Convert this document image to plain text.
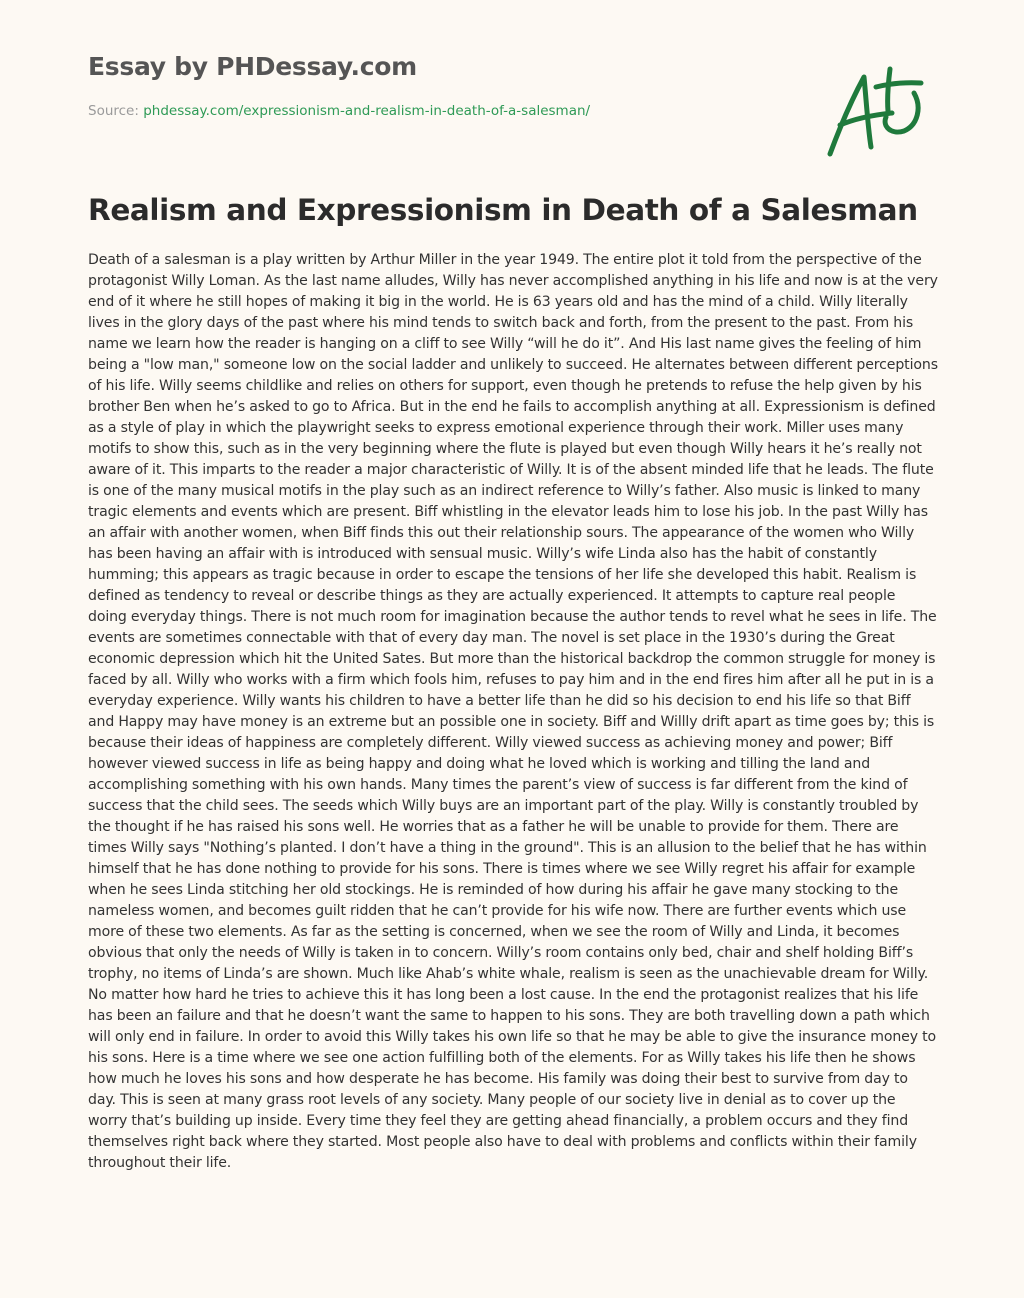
Essay by PHDessay.com
Source: phdessay.com/expressionism-and-realism-in-death-of-a-salesman/
Realism and Expressionism in Death of a Salesman

Death of a salesman is a play written by Arthur Miller in the year 1949. The entire plot it told from the perspective of the protagonist Willy Loman. As the last name alludes, Willy has never accomplished anything in his life and now is at the very end of it where he still hopes of making it big in the world. He is 63 years old and has the mind of a child. Willy literally lives in the glory days of the past where his mind tends to switch back and forth, from the present to the past. From his name we learn how the reader is hanging on a cliff to see Willy “will he do it”. And His last name gives the feeling of him being a "low man," someone low on the social ladder and unlikely to succeed. He alternates between different perceptions of his life. Willy seems childlike and relies on others for support, even though he pretends to refuse the help given by his brother Ben when he’s asked to go to Africa. But in the end he fails to accomplish anything at all. Expressionism is defined as a style of play in which the playwright seeks to express emotional experience through their work. Miller uses many motifs to show this, such as in the very beginning where the flute is played but even though Willy hears it he’s really not aware of it. This imparts to the reader a major characteristic of Willy. It is of the absent minded life that he leads. The flute is one of the many musical motifs in the play such as an indirect reference to Willy’s father. Also music is linked to many tragic elements and events which are present. Biff whistling in the elevator leads him to lose his job. In the past Willy has an affair with another women, when Biff finds this out their relationship sours. The appearance of the women who Willy has been having an affair with is introduced with sensual music. Willy’s wife Linda also has the habit of constantly humming; this appears as tragic because in order to escape the tensions of her life she developed this habit. Realism is defined as tendency to reveal or describe things as they are actually experienced. It attempts to capture real people doing everyday things. There is not much room for imagination because the author tends to revel what he sees in life. The events are sometimes connectable with that of every day man. The novel is set place in the 1930’s during the Great economic depression which hit the United Sates. But more than the historical backdrop the common struggle for money is faced by all. Willy who works with a firm which fools him, refuses to pay him and in the end fires him after all he put in is a everyday experience. Willy wants his children to have a better life than he did so his decision to end his life so that Biff and Happy may have money is an extreme but an possible one in society. Biff and Willly drift apart as time goes by; this is because their ideas of happiness are completely different. Willy viewed success as achieving money and power; Biff however viewed success in life as being happy and doing what he loved which is working and tilling the land and accomplishing something with his own hands. Many times the parent’s view of success is far different from the kind of success that the child sees. The seeds which Willy buys are an important part of the play. Willy is constantly troubled by the thought if he has raised his sons well. He worries that as a father he will be unable to provide for them. There are times Willy says "Nothing’s planted. I don’t have a thing in the ground". This is an allusion to the belief that he has within himself that he has done nothing to provide for his sons. There is times where we see Willy regret his affair for example when he sees Linda stitching her old stockings. He is reminded of how during his affair he gave many stocking to the nameless women, and becomes guilt ridden that he can’t provide for his wife now. There are further events which use more of these two elements. As far as the setting is concerned, when we see the room of Willy and Linda, it becomes obvious that only the needs of Willy is taken in to concern. Willy’s room contains only bed, chair and shelf holding Biff’s trophy, no items of Linda’s are shown. Much like Ahab’s white whale, realism is seen as the unachievable dream for Willy. No matter how hard he tries to achieve this it has long been a lost cause. In the end the protagonist realizes that his life has been an failure and that he doesn’t want the same to happen to his sons. They are both travelling down a path which will only end in failure. In order to avoid this Willy takes his own life so that he may be able to give the insurance money to his sons. Here is a time where we see one action fulfilling both of the elements. For as Willy takes his life then he shows how much he loves his sons and how desperate he has become. His family was doing their best to survive from day to day. This is seen at many grass root levels of any society. Many people of our society live in denial as to cover up the worry that’s building up inside. Every time they feel they are getting ahead financially, a problem occurs and they find themselves right back where they started. Most people also have to deal with problems and conflicts within their family throughout their life.
